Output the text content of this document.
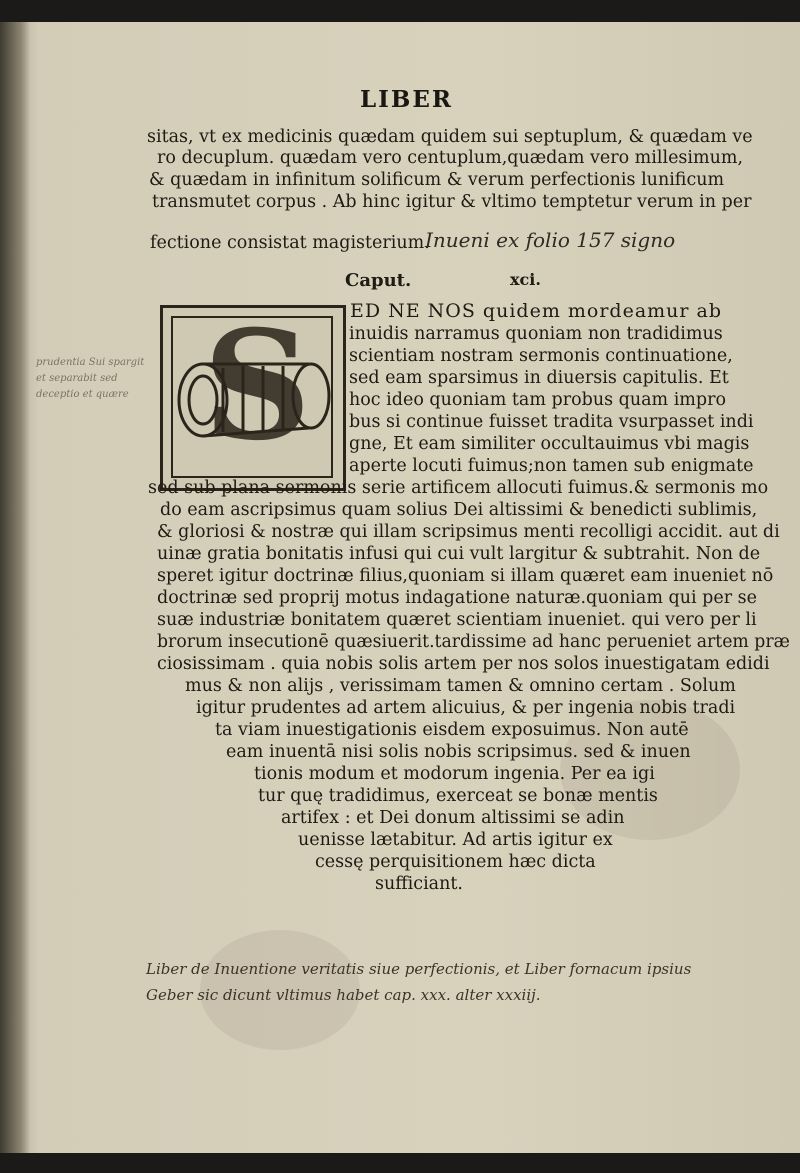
LIBER
sitas, vt ex medicinis quædam quidem sui septuplum, & quædam ve
ro decuplum. quædam vero centuplum,quædam vero millesimum,
& quædam in infinitum solificum & verum perfectionis lunificum
transmutet corpus . Ab hinc igitur & vltimo temptetur verum in per
fectione consistat magisterium.
Inueni ex folio 157 signo
Caput.	xci.
S
prudentia Sui spargit
et separabit sed
deceptio et quære
ED NE NOS quidem mordeamur ab
inuidis narramus quoniam non tradidimus
scientiam nostram sermonis continuatione,
sed eam sparsimus in diuersis capitulis. Et
hoc ideo quoniam tam probus quam impro
bus si continue fuisset tradita vsurpasset indi
gne, Et eam similiter occultauimus vbi magis
aperte locuti fuimus;non tamen sub enigmate
sed sub plana sermonis serie artificem allocuti fuimus.& sermonis mo
do eam ascripsimus quam solius Dei altissimi & benedicti sublimis,
& gloriosi & nostræ qui illam scripsimus menti recolligi accidit. aut di
uinæ gratia bonitatis infusi qui cui vult largitur & subtrahit. Non de
speret igitur doctrinæ filius,quoniam si illam quæret eam inueniet nō
doctrinæ sed proprij motus indagatione naturæ.quoniam qui per se
suæ industriæ bonitatem quæret scientiam inueniet. qui vero per li
brorum insecutionē quæsiuerit.tardissime ad hanc perueniet artem præ
ciosissimam . quia nobis solis artem per nos solos inuestigatam edidi
mus & non alijs , verissimam tamen & omnino certam . Solum
igitur prudentes ad artem alicuius, & per ingenia nobis tradi
ta viam inuestigationis eisdem exposuimus. Non autē
eam inuentā nisi solis nobis scripsimus. sed & inuen
tionis modum et modorum ingenia. Per ea igi
tur quę tradidimus, exerceat se bonæ mentis
artifex : et Dei donum altissimi se adin
uenisse lætabitur. Ad artis igitur ex
cessę perquisitionem hæc dicta
sufficiant.
Liber de Inuentione veritatis siue perfectionis, et Liber fornacum ipsius
Geber sic dicunt vltimus habet cap. xxx. alter xxxiij.
